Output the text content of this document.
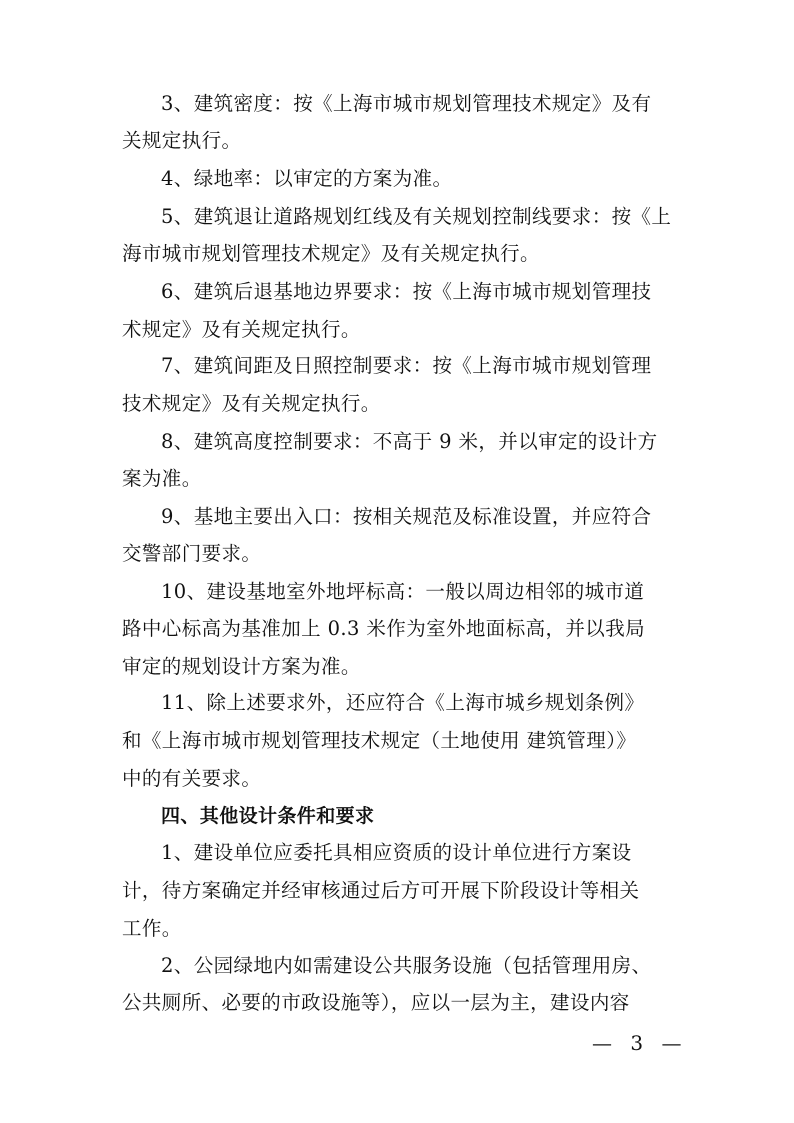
3、建筑密度：按《上海市城市规划管理技术规定》及有
关规定执行。
4、绿地率：以审定的方案为准。
5、建筑退让道路规划红线及有关规划控制线要求：按《上
海市城市规划管理技术规定》及有关规定执行。
6、建筑后退基地边界要求：按《上海市城市规划管理技
术规定》及有关规定执行。
7、建筑间距及日照控制要求：按《上海市城市规划管理
技术规定》及有关规定执行。
8、建筑高度控制要求：不高于 9 米，并以审定的设计方
案为准。
9、基地主要出入口：按相关规范及标准设置，并应符合
交警部门要求。
10、建设基地室外地坪标高：一般以周边相邻的城市道
路中心标高为基准加上 0.3 米作为室外地面标高，并以我局
审定的规划设计方案为准。
11、除上述要求外，还应符合《上海市城乡规划条例》
和《上海市城市规划管理技术规定（土地使用 建筑管理）》
中的有关要求。
四、其他设计条件和要求
1、建设单位应委托具相应资质的设计单位进行方案设
计，待方案确定并经审核通过后方可开展下阶段设计等相关
工作。
2、公园绿地内如需建设公共服务设施（包括管理用房、
公共厕所、必要的市政设施等），应以一层为主，建设内容
— 3 —
